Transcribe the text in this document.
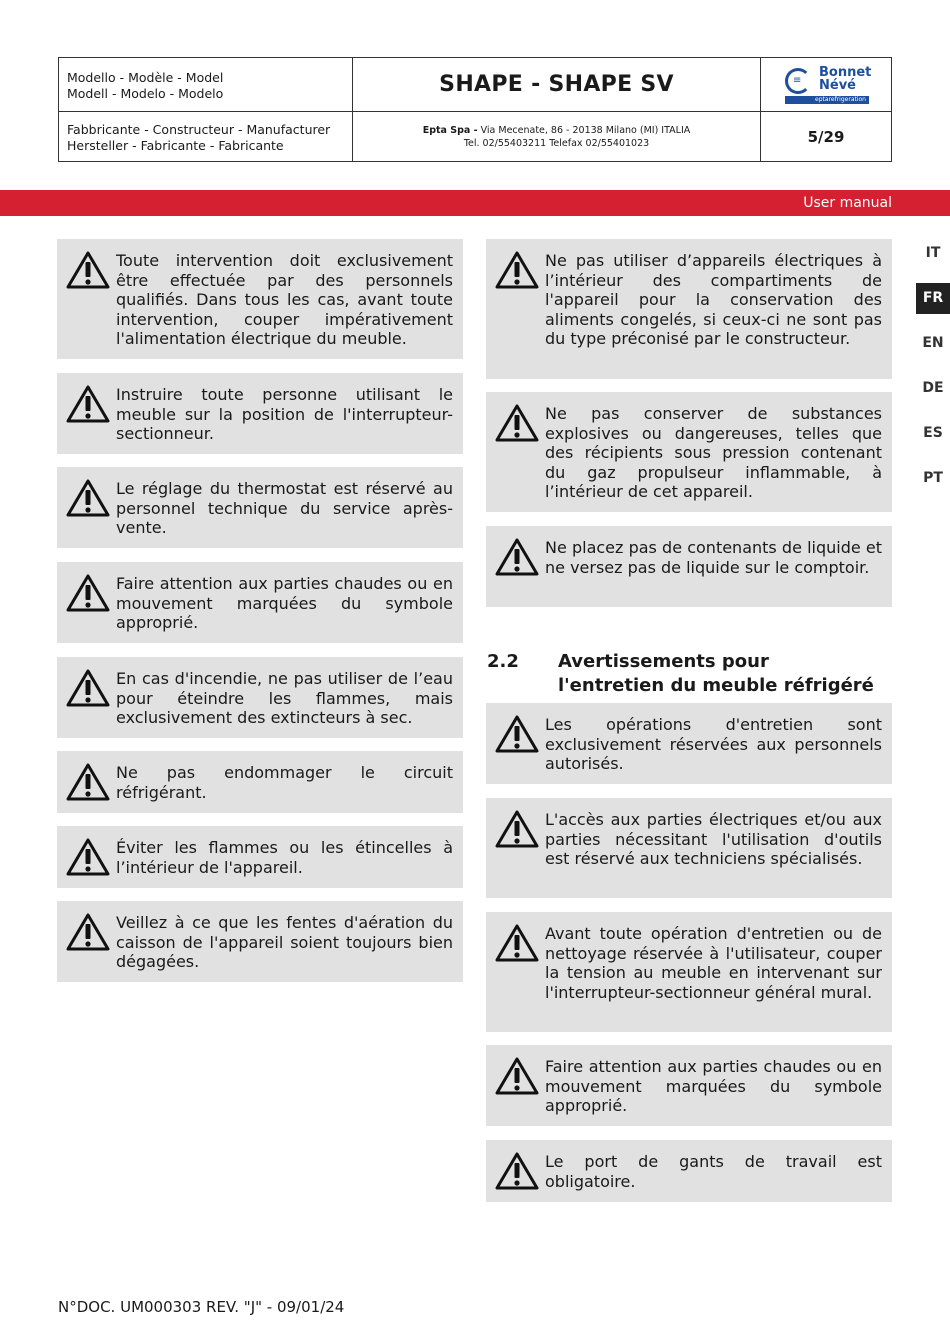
Modello - Modèle - Model
Modell - Modelo - Modelo	SHAPE - SHAPE SV	≡
Bonnet
Névé
eptarefrigeration
Fabbricante - Constructeur - Manufacturer
Hersteller - Fabricante - Fabricante
Epta Spa - Via Mecenate, 86 - 20138 Milano (MI) ITALIA
Tel. 02/55403211 Telefax 02/55401023	5/29
User manual
IT
FR
EN
DE
ES
PT
Toute intervention doit exclusivement être effectuée par des personnels qualifiés. Dans tous les cas, avant toute intervention, couper impérativement l'alimentation électrique du meuble.
Instruire toute personne utilisant le meuble sur la position de l'interrupteur-sectionneur.
Le réglage du thermostat est réservé au personnel technique du service après-vente.
Faire attention aux parties chaudes ou en mouvement marquées du symbole approprié.
En cas d'incendie, ne pas utiliser de l’eau pour éteindre les flammes, mais exclusivement des extincteurs à sec.
Ne pas endommager le circuit réfrigérant.
Éviter les flammes ou les étincelles à l’intérieur de l'appareil.
Veillez à ce que les fentes d'aération du caisson de l'appareil soient toujours bien dégagées.
Ne pas utiliser d’appareils électriques à l’intérieur des compartiments de l'appareil pour la conservation des aliments congelés, si ceux-ci ne sont pas du type préconisé par le constructeur.
Ne pas conserver de substances explosives ou dangereuses, telles que des récipients sous pression contenant du gaz propulseur inflammable, à l’intérieur de cet appareil.
Ne placez pas de contenants de liquide et ne versez pas de liquide sur le comptoir.
2.2 Avertissements pour
l'entretien du meuble réfrigéré
Les opérations d'entretien sont exclusivement réservées aux personnels autorisés.
L'accès aux parties électriques et/ou aux parties nécessitant l'utilisation d'outils est réservé aux techniciens spécialisés.
Avant toute opération d'entretien ou de nettoyage réservée à l'utilisateur, couper la tension au meuble en intervenant sur l'interrupteur-sectionneur général mural.
Faire attention aux parties chaudes ou en mouvement marquées du symbole approprié.
Le port de gants de travail est obligatoire.
N°DOC. UM000303 REV. "J" - 09/01/24
